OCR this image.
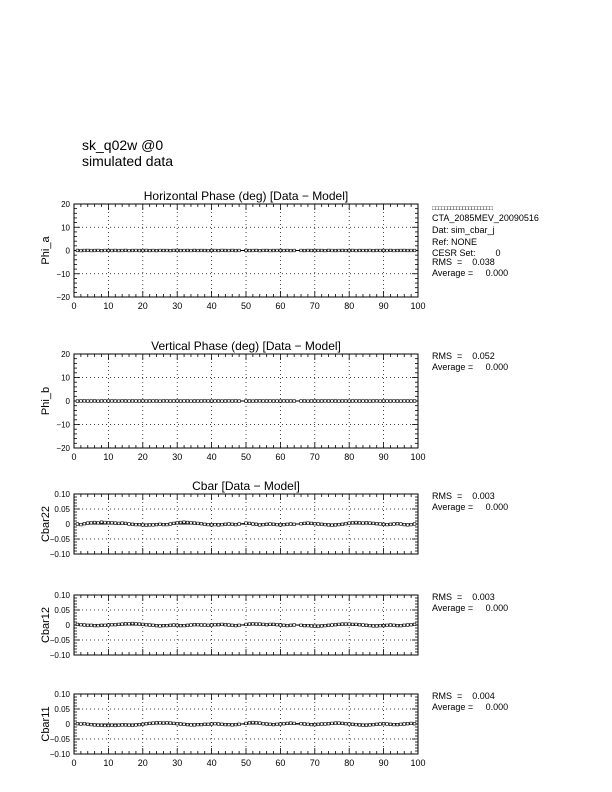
sk_q02w @0
simulated data
□□□□□□□□□□□□□□□□□□□□
CTA_2085MEV_20090516
Dat: sim_cbar_j
Ref: NONE
CESR Set:        0
RMS  =    0.038
Average =     0.000
Horizontal Phase (deg) [Data − Model]
20
10
0
−10
−20
0	10	20	30	40	50	60	70	80	90 100
Phi_a
Vertical Phase (deg) [Data − Model]
20
10
0
−10
−20
0	10	20	30	40	50	60	70	80	90 100
Phi_b
RMS  =    0.052
Average =     0.000
Cbar [Data − Model]
0.10
0.05
0
−0.05
−0.10
Cbar22
RMS  =    0.003
Average =     0.000
0.10
0.05
0
−0.05
−0.10
Cbar12
RMS  =    0.003
Average =     0.000
0.10
0.05
0
−0.05
−0.10
0	10	20	30	40	50	60	70	80	90 100
Cbar11
RMS  =    0.004
Average =     0.000
